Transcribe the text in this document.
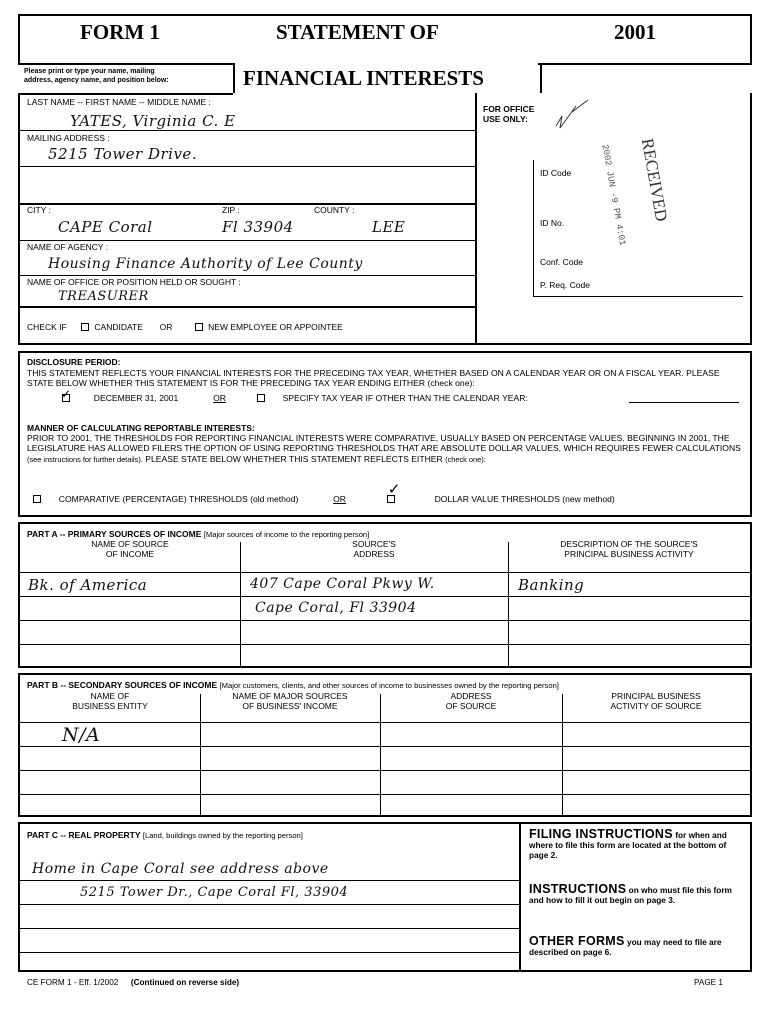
FORM 1	STATEMENT OF	2001
FINANCIAL INTERESTS
Please print or type your name, mailing
address, agency name, and position below:
LAST NAME -- FIRST NAME -- MIDDLE NAME :
YATES, Virginia C. E
MAILING ADDRESS :
5215 Tower Drive.
CITY :
CAPE Coral
ZIP :
Fl 33904
COUNTY :
LEE
NAME OF AGENCY :
Housing Finance Authority of Lee County
NAME OF OFFICE OR POSITION HELD OR SOUGHT :
TREASURER
CHECK IF	CANDIDATE OR	NEW EMPLOYEE OR APPOINTEE
FOR OFFICE
USE ONLY:
ID Code
ID No.
Conf. Code
P. Req. Code
RECEIVED
2002 JUN -9 PM 4:01
DISCLOSURE PERIOD:
THIS STATEMENT REFLECTS YOUR FINANCIAL INTERESTS FOR THE PRECEDING TAX YEAR, WHETHER BASED ON A CALENDAR YEAR OR ON A FISCAL YEAR. PLEASE STATE BELOW WHETHER THIS STATEMENT IS FOR THE PRECEDING TAX YEAR ENDING EITHER (check one):
✓	DECEMBER 31, 2001	OR	SPECIFY TAX YEAR IF OTHER THAN THE CALENDAR YEAR:
MANNER OF CALCULATING REPORTABLE INTERESTS:
PRIOR TO 2001, THE THRESHOLDS FOR REPORTING FINANCIAL INTERESTS WERE COMPARATIVE, USUALLY BASED ON PERCENTAGE VALUES. BEGINNING IN 2001, THE LEGISLATURE HAS ALLOWED FILERS THE OPTION OF USING REPORTING THRESHOLDS THAT ARE ABSOLUTE DOLLAR VALUES, WHICH REQUIRES FEWER CALCULATIONS (see instructions for further details). PLEASE STATE BELOW WHETHER THIS STATEMENT REFLECTS EITHER (check one):
COMPARATIVE (PERCENTAGE) THRESHOLDS (old method)	OR
✓
DOLLAR VALUE THRESHOLDS (new method)
PART A -- PRIMARY SOURCES OF INCOME [Major sources of income to the reporting person]
NAME OF SOURCE
OF INCOME
SOURCE'S
ADDRESS
DESCRIPTION OF THE SOURCE'S
PRINCIPAL BUSINESS ACTIVITY
Bk. of America	407 Cape Coral Pkwy W.	Banking
Cape Coral, Fl 33904
PART B -- SECONDARY SOURCES OF INCOME [Major customers, clients, and other sources of income to businesses owned by the reporting person]
NAME OF
BUSINESS ENTITY
NAME OF MAJOR SOURCES
OF BUSINESS' INCOME
ADDRESS
OF SOURCE
PRINCIPAL BUSINESS
ACTIVITY OF SOURCE
N/A
PART C -- REAL PROPERTY [Land, buildings owned by the reporting person]
Home in Cape Coral see address above
5215 Tower Dr., Cape Coral Fl, 33904
FILING INSTRUCTIONS for when and where to file this form are located at the bottom of page 2.
INSTRUCTIONS on who must file this form and how to fill it out begin on page 3.
OTHER FORMS you may need to file are described on page 6.
CE FORM 1 - Eff. 1/2002 (Continued on reverse side)	PAGE 1
